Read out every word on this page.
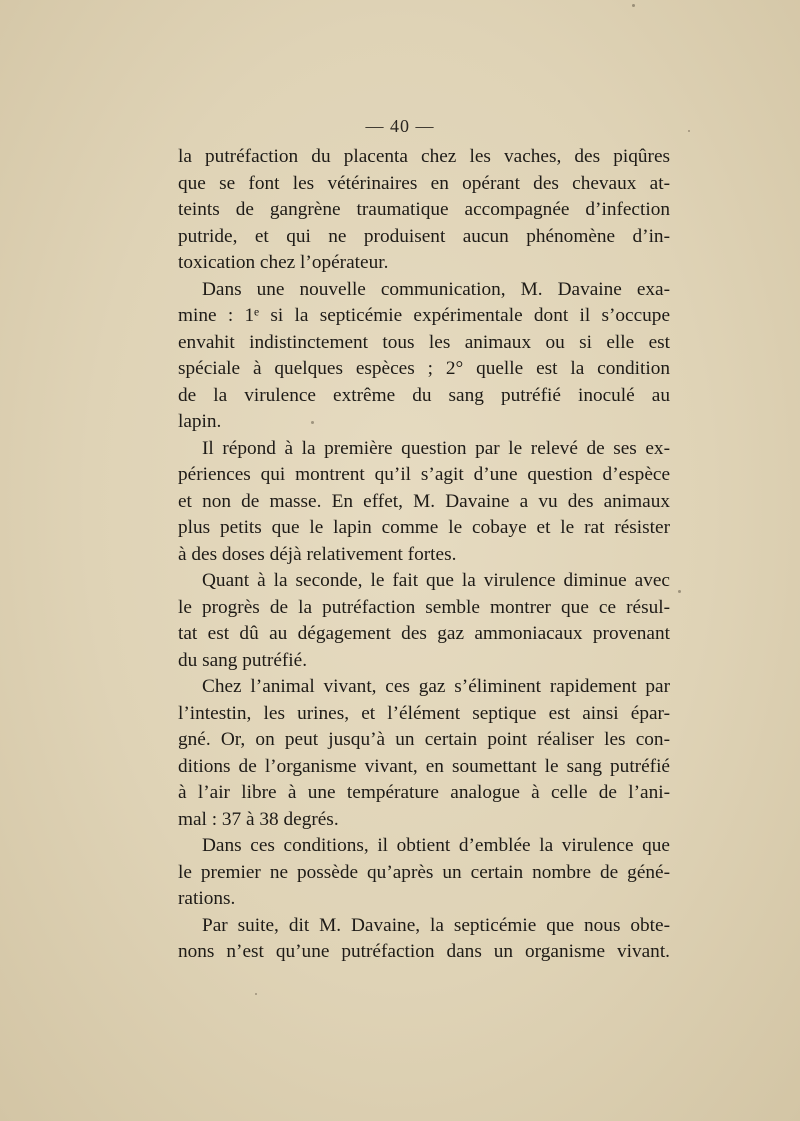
— 40 —
la putréfaction du placenta chez les vaches, des piqûres
que se font les vétérinaires en opérant des chevaux at-
teints de gangrène traumatique accompagnée d’infection
putride, et qui ne produisent aucun phénomène d’in-
toxication chez l’opérateur.
Dans une nouvelle communication, M. Davaine exa-
mine : 1ᵉ si la septicémie expérimentale dont il s’occupe
envahit indistinctement tous les animaux ou si elle est
spéciale à quelques espèces ; 2° quelle est la condition
de la virulence extrême du sang putréfié inoculé au
lapin.
Il répond à la première question par le relevé de ses ex-
périences qui montrent qu’il s’agit d’une question d’espèce
et non de masse. En effet, M. Davaine a vu des animaux
plus petits que le lapin comme le cobaye et le rat résister
à des doses déjà relativement fortes.
Quant à la seconde, le fait que la virulence diminue avec
le progrès de la putréfaction semble montrer que ce résul-
tat est dû au dégagement des gaz ammoniacaux provenant
du sang putréfié.
Chez l’animal vivant, ces gaz s’éliminent rapidement par
l’intestin, les urines, et l’élément septique est ainsi épar-
gné. Or, on peut jusqu’à un certain point réaliser les con-
ditions de l’organisme vivant, en soumettant le sang putréfié
à l’air libre à une température analogue à celle de l’ani-
mal : 37 à 38 degrés.
Dans ces conditions, il obtient d’emblée la virulence que
le premier ne possède qu’après un certain nombre de géné-
rations.
Par suite, dit M. Davaine, la septicémie que nous obte-
nons n’est qu’une putréfaction dans un organisme vivant.
